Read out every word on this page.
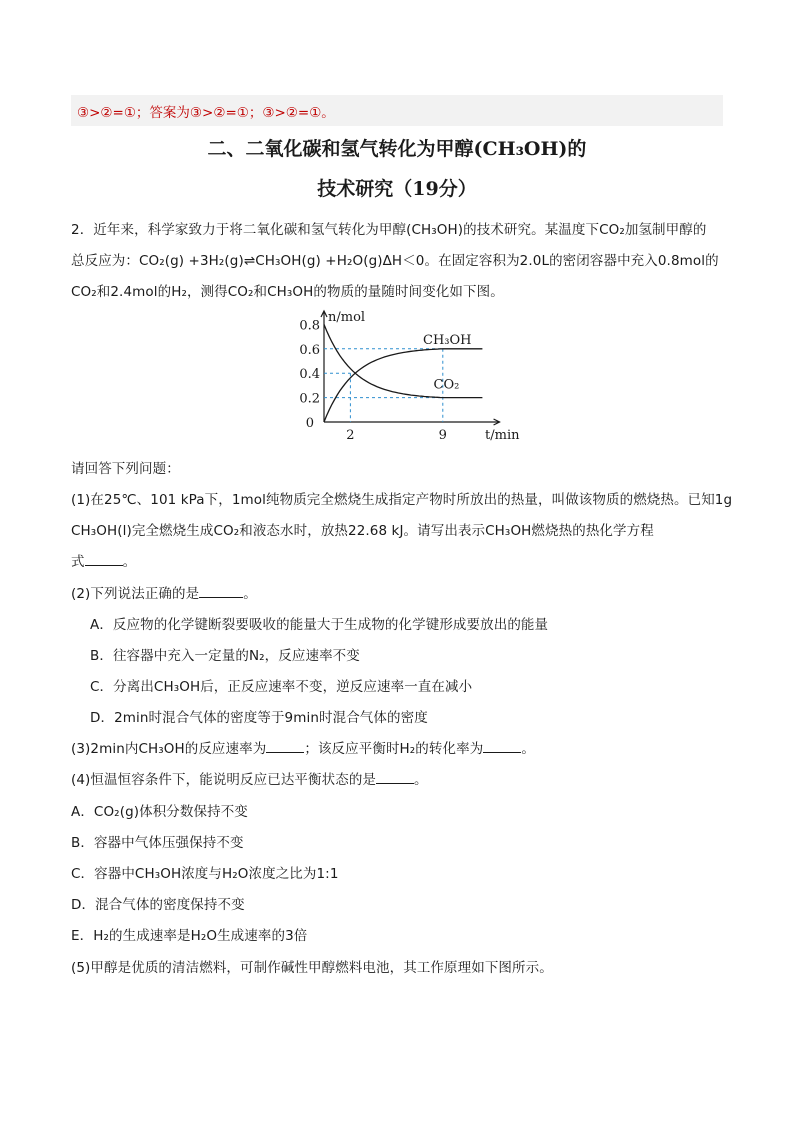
③>②=①；答案为③>②=①；③>②=①。
二、二氧化碳和氢气转化为甲醇(CH₃OH)的
技术研究（19分）
2．近年来，科学家致力于将二氧化碳和氢气转化为甲醇(CH₃OH)的技术研究。某温度下CO₂加氢制甲醇的
总反应为：CO₂(g) +3H₂(g)⇌CH₃OH(g) +H₂O(g)ΔH＜0。在固定容积为2.0L的密闭容器中充入0.8mol的
CO₂和2.4mol的H₂，测得CO₂和CH₃OH的物质的量随时间变化如下图。
n/mol
0.8
0.6
0.4
0.2
0
2	9	t/min
CH₃OH
CO₂
请回答下列问题：
(1)在25℃、101 kPa下，1mol纯物质完全燃烧生成指定产物时所放出的热量，叫做该物质的燃烧热。已知1g
CH₃OH(l)完全燃烧生成CO₂和液态水时，放热22.68 kJ。请写出表示CH₃OH燃烧热的热化学方程
式	。
(2)下列说法正确的是	。
A．反应物的化学键断裂要吸收的能量大于生成物的化学键形成要放出的能量
B．往容器中充入一定量的N₂，反应速率不变
C．分离出CH₃OH后，正反应速率不变，逆反应速率一直在减小
D．2min时混合气体的密度等于9min时混合气体的密度
(3)2min内CH₃OH的反应速率为	；该反应平衡时H₂的转化率为	。
(4)恒温恒容条件下，能说明反应已达平衡状态的是	。
A．CO₂(g)体积分数保持不变
B．容器中气体压强保持不变
C．容器中CH₃OH浓度与H₂O浓度之比为1:1
D．混合气体的密度保持不变
E．H₂的生成速率是H₂O生成速率的3倍
(5)甲醇是优质的清洁燃料，可制作碱性甲醇燃料电池，其工作原理如下图所示。
